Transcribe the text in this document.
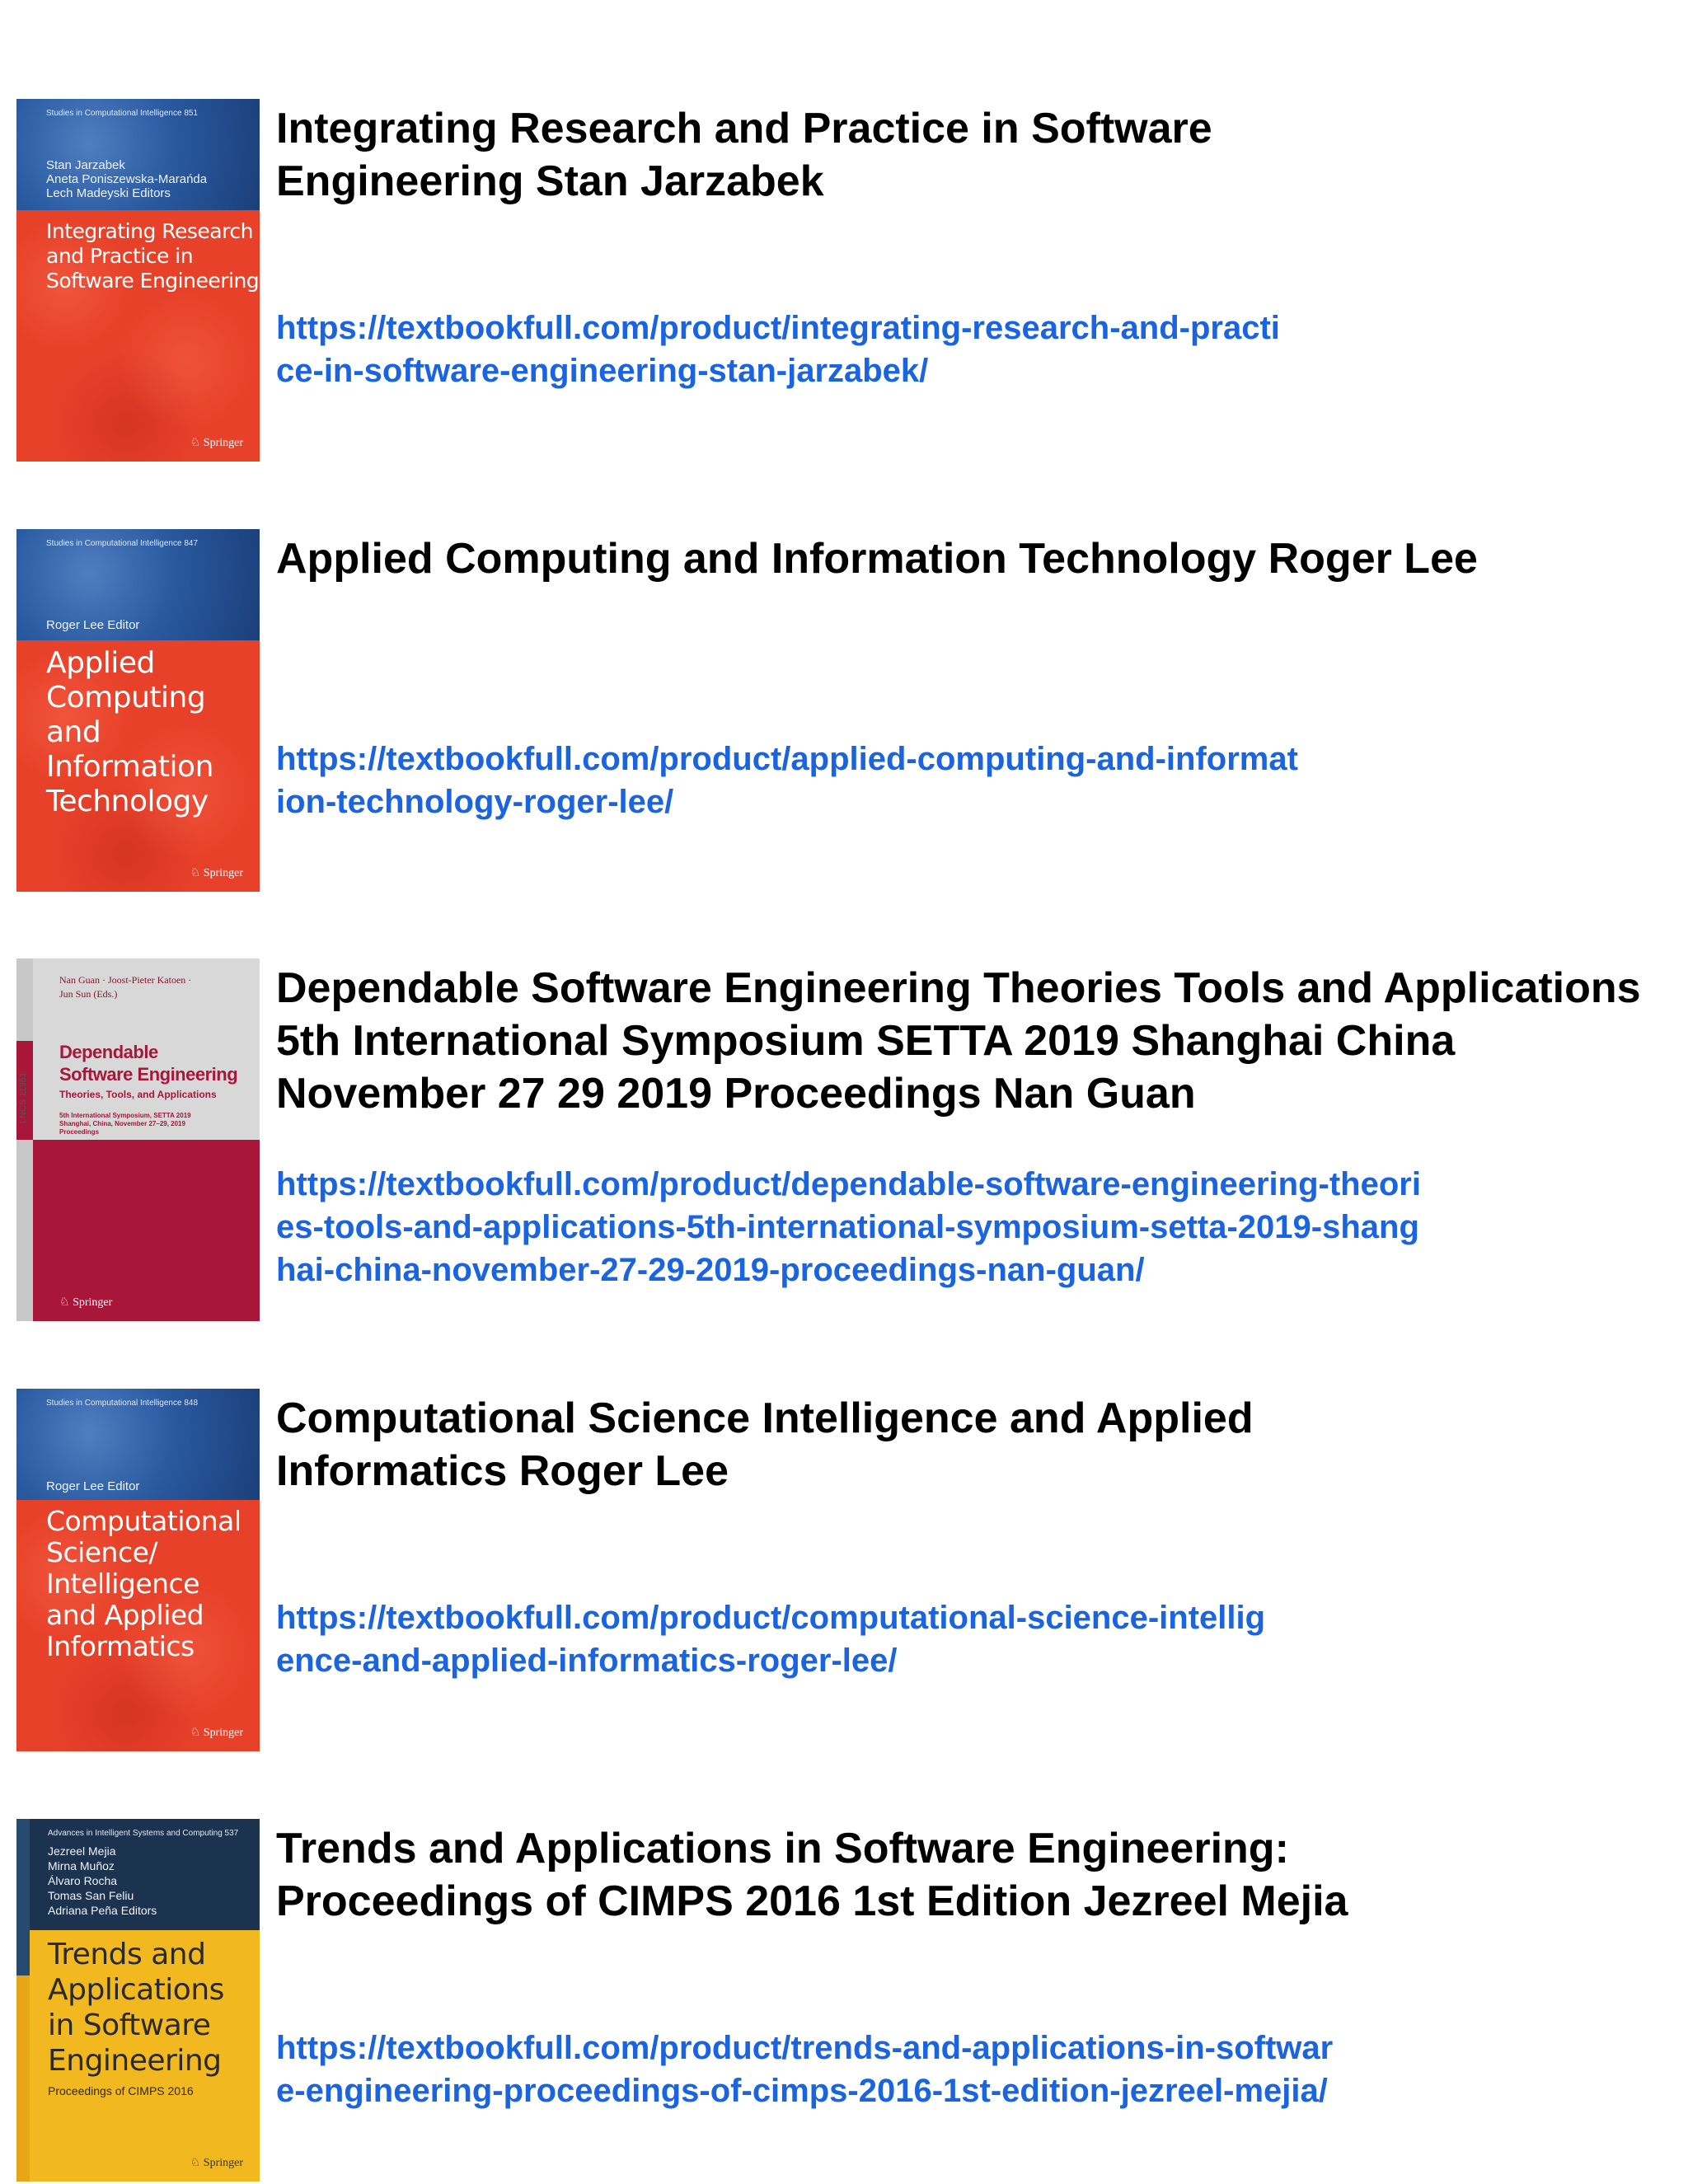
Studies in Computational Intelligence 851
Stan Jarzabek
Aneta Poniszewska-Marańda
Lech Madeyski Editors
Integrating Research
and Practice in
Software Engineering
♘ Springer
Integrating Research and Practice in Software Engineering Stan Jarzabek
https://textbookfull.com/product/integrating-research-and-practice-in-software-engineering-stan-jarzabek/
Studies in Computational Intelligence 847
Roger Lee Editor
Applied
Computing and
Information
Technology
♘ Springer
Applied Computing and Information Technology Roger Lee
https://textbookfull.com/product/applied-computing-and-information-technology-roger-lee/
LNCS 11951
Nan Guan · Joost-Pieter Katoen ·
Jun Sun (Eds.)
Dependable
Software Engineering
Theories, Tools, and Applications
5th International Symposium, SETTA 2019
Shanghai, China, November 27–29, 2019
Proceedings
♘ Springer
Dependable Software Engineering Theories Tools and Applications 5th International Symposium SETTA 2019 Shanghai China November 27 29 2019 Proceedings Nan Guan
https://textbookfull.com/product/dependable-software-engineering-theories-tools-and-applications-5th-international-symposium-setta-2019-shanghai-china-november-27-29-2019-proceedings-nan-guan/
Studies in Computational Intelligence 848
Roger Lee Editor
Computational
Science/
Intelligence
and Applied
Informatics
♘ Springer
Computational Science Intelligence and Applied Informatics Roger Lee
https://textbookfull.com/product/computational-science-intelligence-and-applied-informatics-roger-lee/
Advances in Intelligent Systems and Computing 537
Jezreel Mejia
Mirna Muñoz
Álvaro Rocha
Tomas San Feliu
Adriana Peña Editors
Trends and
Applications
in Software
Engineering
Proceedings of CIMPS 2016
♘ Springer
Trends and Applications in Software Engineering: Proceedings of CIMPS 2016 1st Edition Jezreel Mejia
https://textbookfull.com/product/trends-and-applications-in-software-engineering-proceedings-of-cimps-2016-1st-edition-jezreel-mejia/
